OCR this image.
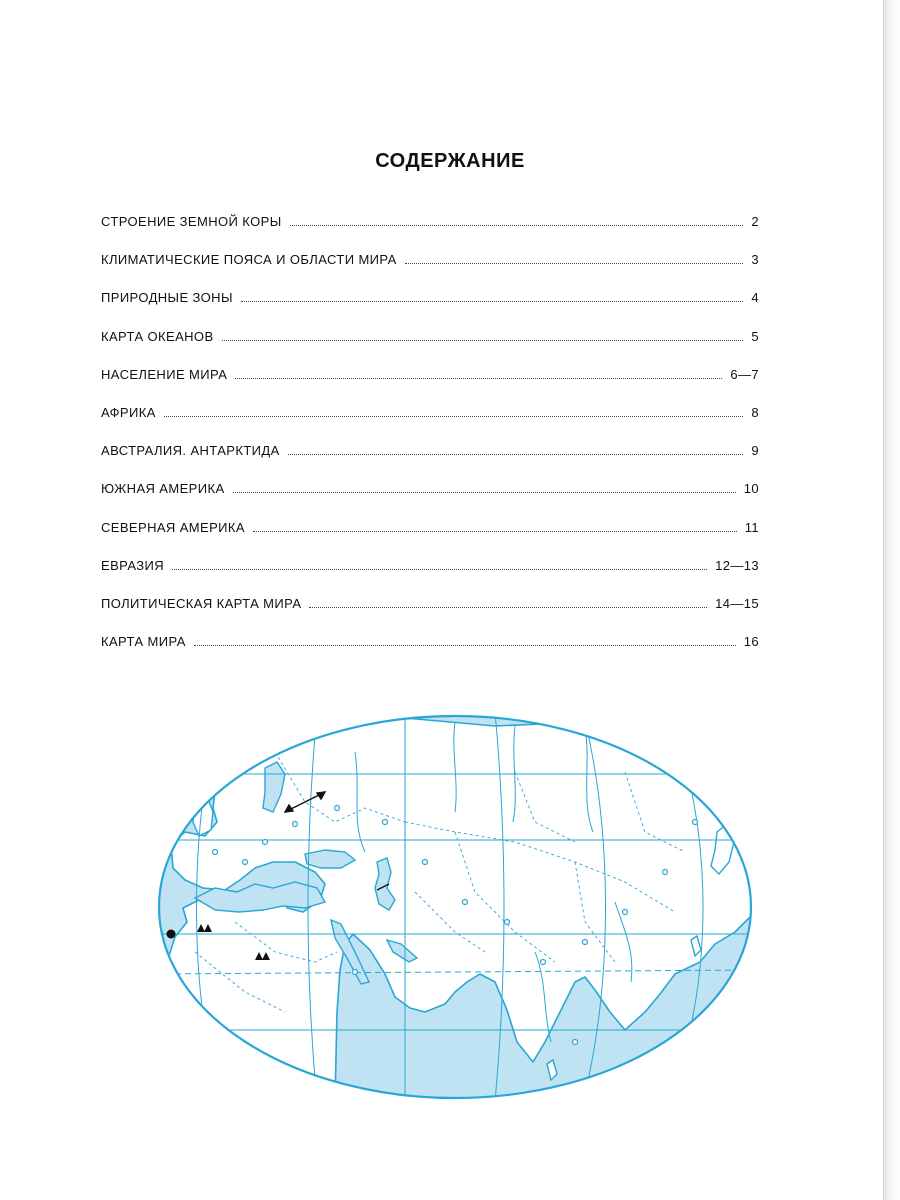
СОДЕРЖАНИЕ
СТРОЕНИЕ ЗЕМНОЙ КОРЫ	2
КЛИМАТИЧЕСКИЕ ПОЯСА И ОБЛАСТИ МИРА	3
ПРИРОДНЫЕ ЗОНЫ	4
КАРТА ОКЕАНОВ	5
НАСЕЛЕНИЕ МИРА	6—7
АФРИКА	8
АВСТРАЛИЯ. АНТАРКТИДА	9
ЮЖНАЯ АМЕРИКА	10
СЕВЕРНАЯ АМЕРИКА	11
ЕВРАЗИЯ	12—13
ПОЛИТИЧЕСКАЯ КАРТА МИРА	14—15
КАРТА МИРА	16
